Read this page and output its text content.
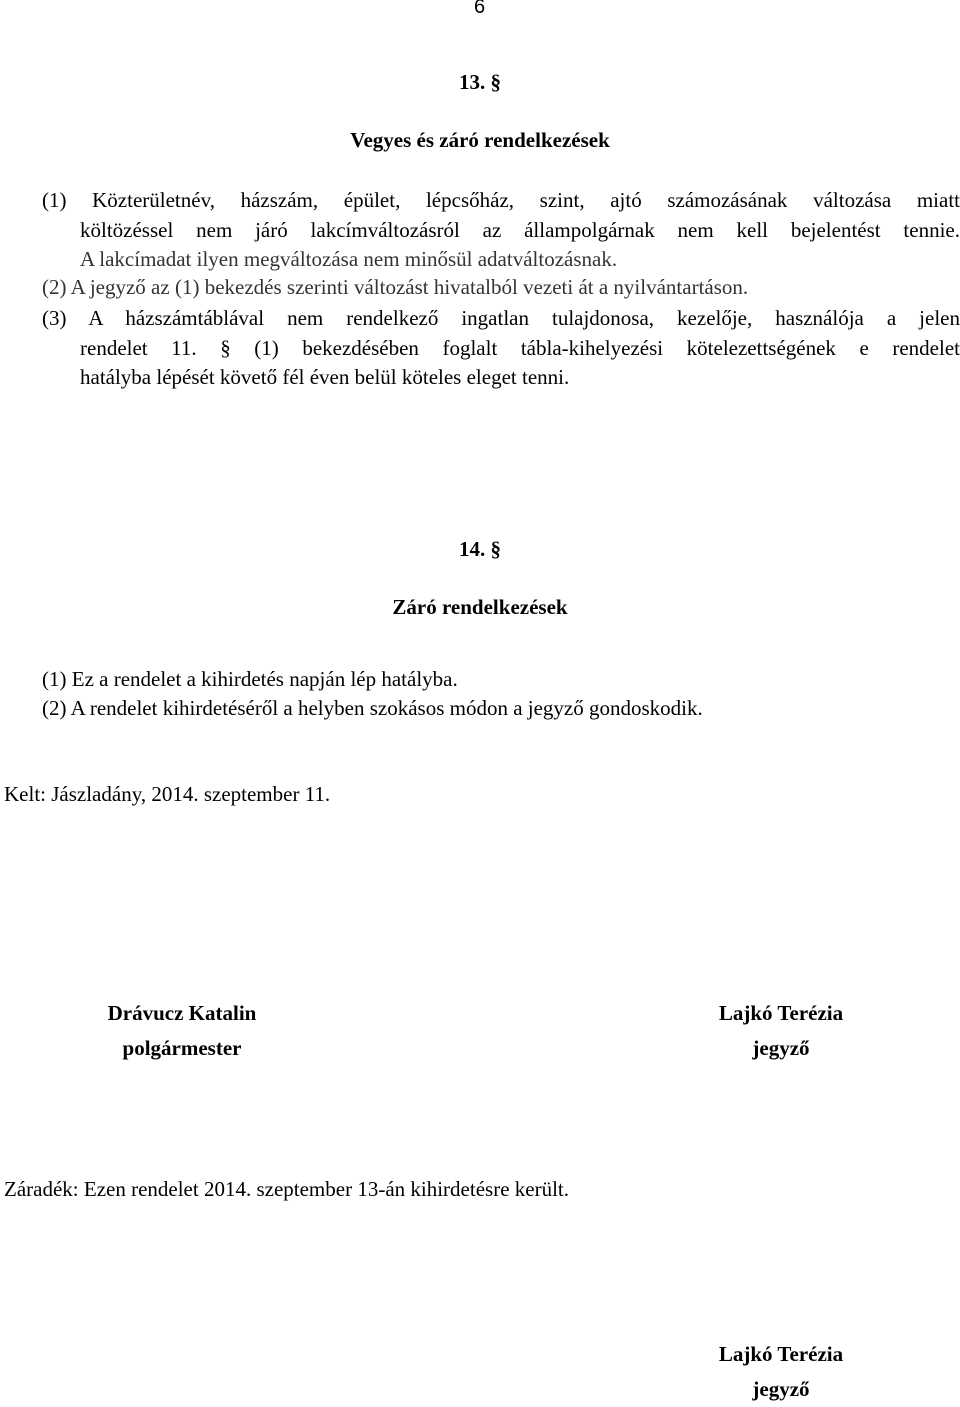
6
13. §
Vegyes és záró rendelkezések
(1) Közterületnév, házszám, épület, lépcsőház, szint, ajtó számozásának változása miatt
költözéssel nem járó lakcímváltozásról az állampolgárnak nem kell bejelentést tennie.
A lakcímadat ilyen megváltozása nem minősül adatváltozásnak.
(2) A jegyző az (1) bekezdés szerinti változást hivatalból vezeti át a nyilvántartáson.
(3) A házszámtáblával nem rendelkező ingatlan tulajdonosa, kezelője, használója a jelen
rendelet 11. § (1) bekezdésében foglalt tábla-kihelyezési kötelezettségének e rendelet
hatályba lépését követő fél éven belül köteles eleget tenni.
14. §
Záró rendelkezések
(1) Ez a rendelet a kihirdetés napján lép hatályba.
(2) A rendelet kihirdetéséről a helyben szokásos módon a jegyző gondoskodik.
Kelt: Jászladány, 2014. szeptember 11.
Drávucz Katalin
polgármester
Lajkó Terézia
jegyző
Záradék: Ezen rendelet 2014. szeptember 13-án kihirdetésre került.
Lajkó Terézia
jegyző
